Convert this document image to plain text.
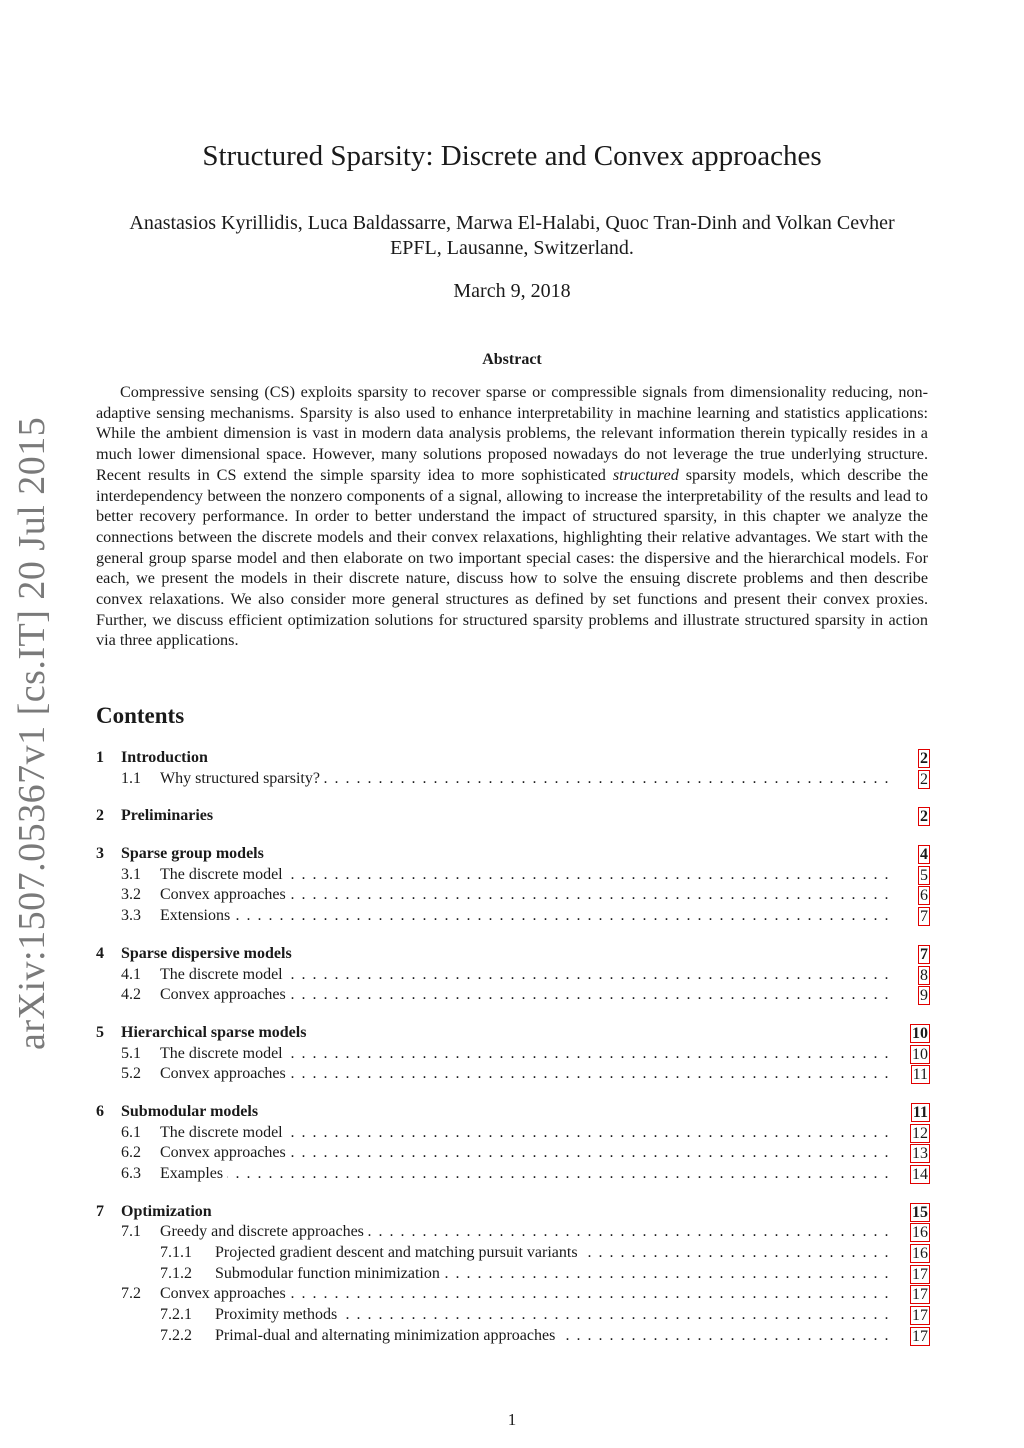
arXiv:1507.05367v1 [cs.IT] 20 Jul 2015
Structured Sparsity: Discrete and Convex approaches
Anastasios Kyrillidis, Luca Baldassarre, Marwa El-Halabi, Quoc Tran-Dinh and Volkan Cevher
EPFL, Lausanne, Switzerland.
March 9, 2018
Abstract
Compressive sensing (CS) exploits sparsity to recover sparse or compressible signals from dimensionality reducing, non-adaptive sensing mechanisms. Sparsity is also used to enhance interpretability in machine learning and statistics applications: While the ambient dimension is vast in modern data analysis problems, the relevant information therein typically resides in a much lower dimensional space. However, many solutions proposed nowadays do not leverage the true underlying structure. Recent results in CS extend the simple sparsity idea to more sophisticated structured sparsity models, which describe the interdependency between the nonzero components of a signal, allowing to increase the interpretability of the results and lead to better recovery performance. In order to better understand the impact of structured sparsity, in this chapter we analyze the connections between the discrete models and their convex relaxations, highlighting their relative advantages. We start with the general group sparse model and then elaborate on two important special cases: the dispersive and the hierarchical models. For each, we present the models in their discrete nature, discuss how to solve the ensuing discrete problems and then describe convex relaxations. We also consider more general structures as defined by set functions and present their convex proxies. Further, we discuss efficient optimization solutions for structured sparsity problems and illustrate structured sparsity in action via three applications.
Contents
1 Introduction	2
1.1 Why structured sparsity? . . .	2
2 Preliminaries	2
3 Sparse group models	4
3.1 The discrete model . . .	5
3.2 Convex approaches . . .	6
3.3 Extensions . . .	7
4 Sparse dispersive models	7
4.1 The discrete model . . .	8
4.2 Convex approaches . . .	9
5 Hierarchical sparse models	10
5.1 The discrete model . . .	10
5.2 Convex approaches . . .	11
6 Submodular models	11
6.1 The discrete model . . .	12
6.2 Convex approaches . . .	13
6.3 Examples . . .	14
7 Optimization	15
7.1 Greedy and discrete approaches . . .	16
7.1.1 Projected gradient descent and matching pursuit variants . . .	16
7.1.2 Submodular function minimization . . .	17
7.2 Convex approaches . . .	17
7.2.1 Proximity methods . . .	17
7.2.2 Primal-dual and alternating minimization approaches . . .	17
1
